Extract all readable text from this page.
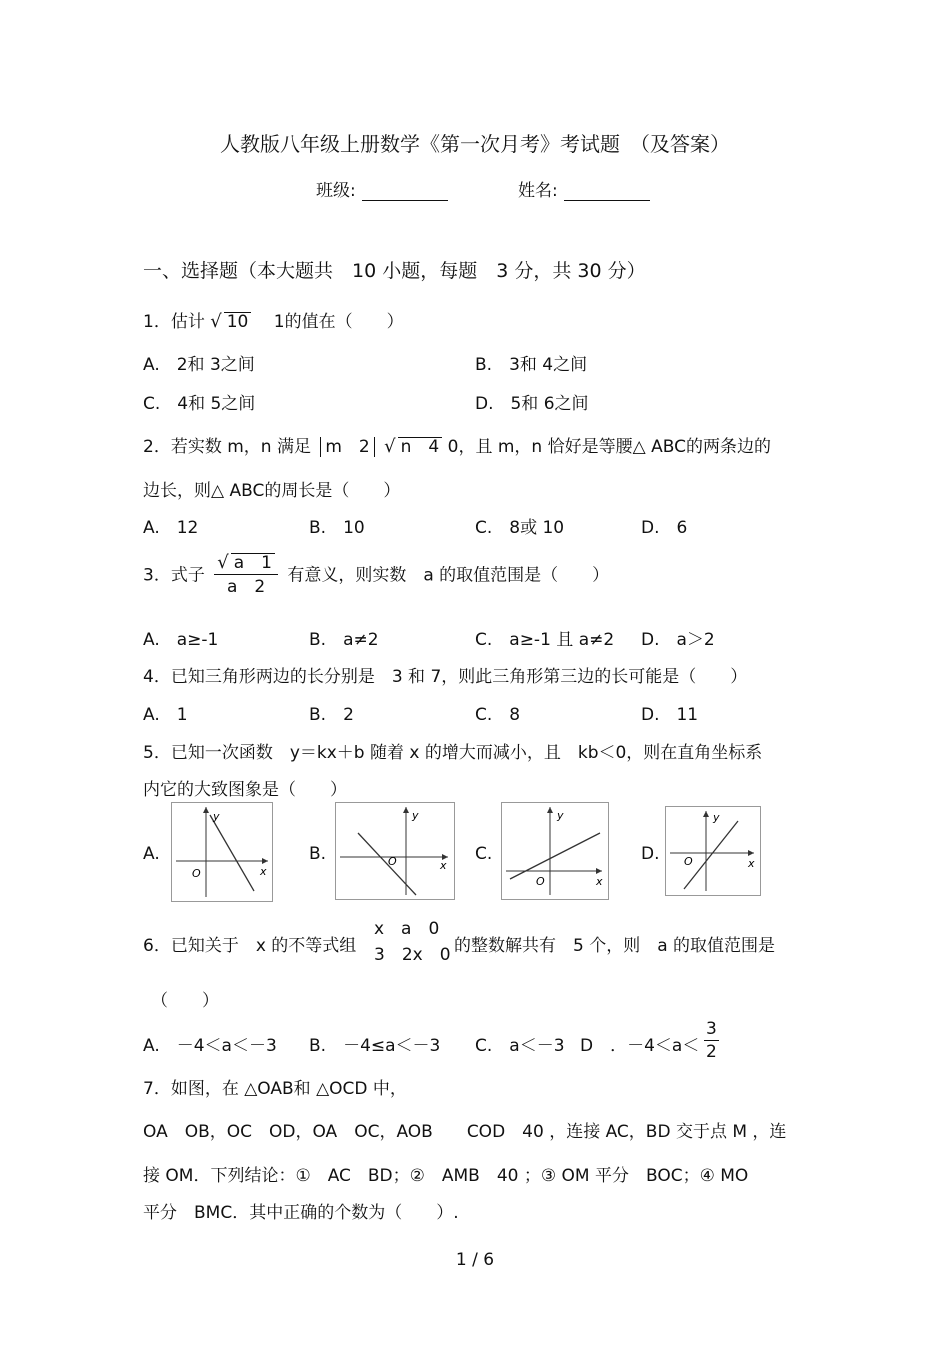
人教版八年级上册数学《第一次月考》考试题　（及答案）
班级:	姓名:
一、选择题（本大题共　10 小题，每题　3 分，共 30 分）
1．估计 √ 10 　1的值在（　　）
A.　2和 3之间	B.　3和 4之间
C.　4和 5之间	D.　5和 6之间
2．若实数 m，n 满足 m　2 √ n　4 0，且 m，n 恰好是等腰△ ABC的两条边的
边长，则△ ABC的周长是（　　）
A.　12	B.　10	C.　8或 10	D.　6
3．式子 $\frac{√ a 1}{a 2}$ 有意义，则实数　a 的取值范围是（　　）
A.　a≥-1	B.　a≠2	C.　a≥-1 且 a≠2 D.　a＞2
4．已知三角形两边的长分别是　3 和 7，则此三角形第三边的长可能是（　　）
A.　1	B.　2	C.　8	D.　11
5．已知一次函数　y＝kx＋b 随着 x 的增大而减小，且　kb＜0，则在直角坐标系
内它的大致图象是（　　）
A.
y
x
O
B.
y
x
O	C.
y
x
O
D.
y
x
O
6．已知关于　x 的不等式组
x　a　0
3　2x　0 的整数解共有　5 个，则　a 的取值范围是
（　　）
A.　－4＜a＜－3 B.　－4≤a＜－3 C.　a＜－3 D　．$-4<a< \frac{3}{2}$
7．如图，在 △OAB和 △OCD 中，
OA　OB，OC　OD，OA　OC，AOB　　COD　40 ，连接 AC，BD 交于点 M ，连
接 OM．下列结论：①　AC　BD；②　AMB　40 ；③ OM 平分　BOC；④ MO
平分　BMC．其中正确的个数为（　　）.
1 / 6
